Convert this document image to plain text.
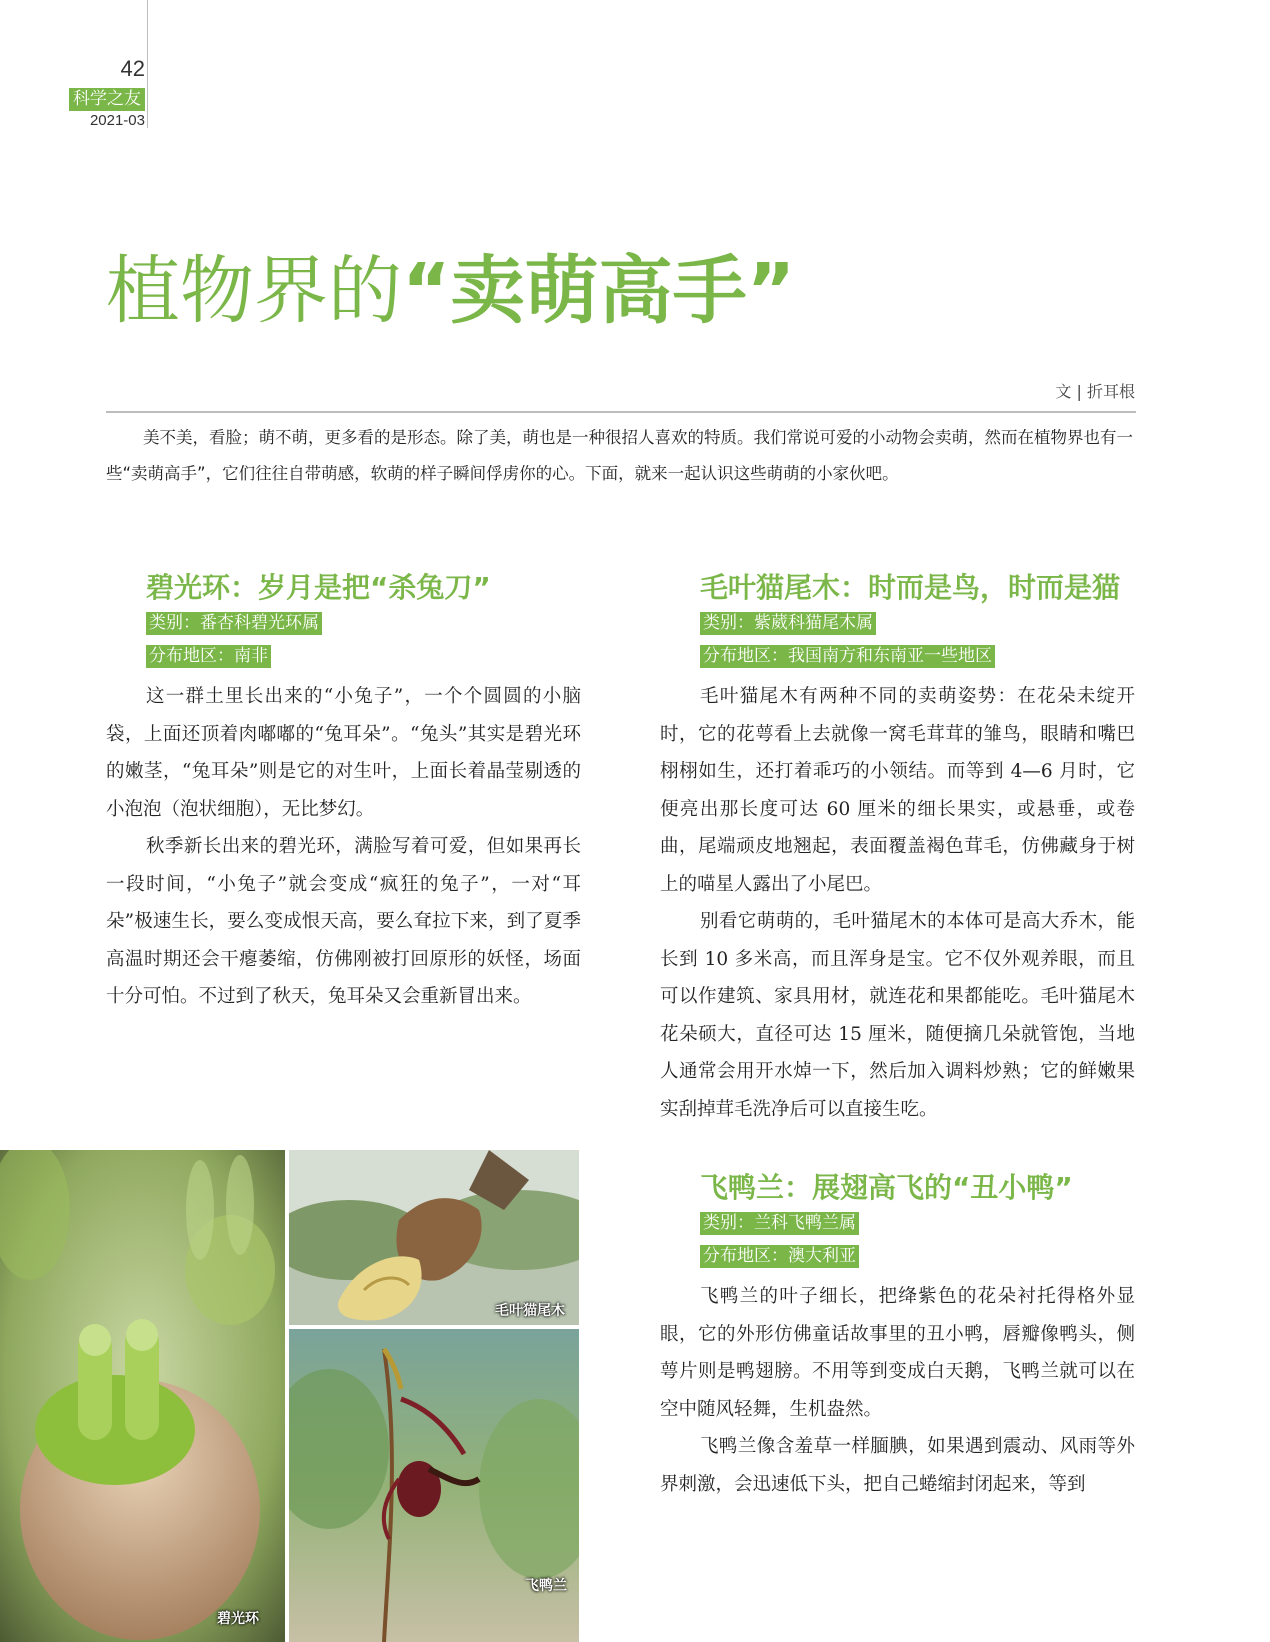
42
科学之友
2021-03
植物界的“卖萌高手”
文 | 折耳根

美不美，看脸；萌不萌，更多看的是形态。除了美，萌也是一种很招人喜欢的特质。我们常说可爱的小动物会卖萌，然而在植物界也有一些“卖萌高手”，它们往往自带萌感，软萌的样子瞬间俘虏你的心。下面，就来一起认识这些萌萌的小家伙吧。

碧光环：岁月是把“杀兔刀”
类别：番杏科碧光环属
分布地区：南非

这一群土里长出来的“小兔子”，一个个圆圆的小脑袋，上面还顶着肉嘟嘟的“兔耳朵”。“兔头”其实是碧光环的嫩茎，“兔耳朵”则是它的对生叶，上面长着晶莹剔透的小泡泡（泡状细胞），无比梦幻。

秋季新长出来的碧光环，满脸写着可爱，但如果再长一段时间，“小兔子”就会变成“疯狂的兔子”，一对“耳朵”极速生长，要么变成恨天高，要么耷拉下来，到了夏季高温时期还会干瘪萎缩，仿佛刚被打回原形的妖怪，场面十分可怕。不过到了秋天，兔耳朵又会重新冒出来。

毛叶猫尾木：时而是鸟，时而是猫
类别：紫葳科猫尾木属
分布地区：我国南方和东南亚一些地区

毛叶猫尾木有两种不同的卖萌姿势：在花朵未绽开时，它的花萼看上去就像一窝毛茸茸的雏鸟，眼睛和嘴巴栩栩如生，还打着乖巧的小领结。而等到 4—6 月时，它便亮出那长度可达 60 厘米的细长果实，或悬垂，或卷曲，尾端顽皮地翘起，表面覆盖褐色茸毛，仿佛藏身于树上的喵星人露出了小尾巴。

别看它萌萌的，毛叶猫尾木的本体可是高大乔木，能长到 10 多米高，而且浑身是宝。它不仅外观养眼，而且可以作建筑、家具用材，就连花和果都能吃。毛叶猫尾木花朵硕大，直径可达 15 厘米，随便摘几朵就管饱，当地人通常会用开水焯一下，然后加入调料炒熟；它的鲜嫩果实刮掉茸毛洗净后可以直接生吃。

飞鸭兰：展翅高飞的“丑小鸭”
类别：兰科飞鸭兰属
分布地区：澳大利亚

飞鸭兰的叶子细长，把绛紫色的花朵衬托得格外显眼，它的外形仿佛童话故事里的丑小鸭，唇瓣像鸭头，侧萼片则是鸭翅膀。不用等到变成白天鹅，飞鸭兰就可以在空中随风轻舞，生机盎然。

飞鸭兰像含羞草一样腼腆，如果遇到震动、风雨等外界刺激，会迅速低下头，把自己蜷缩封闭起来，等到

碧光环
毛叶猫尾木
飞鸭兰
